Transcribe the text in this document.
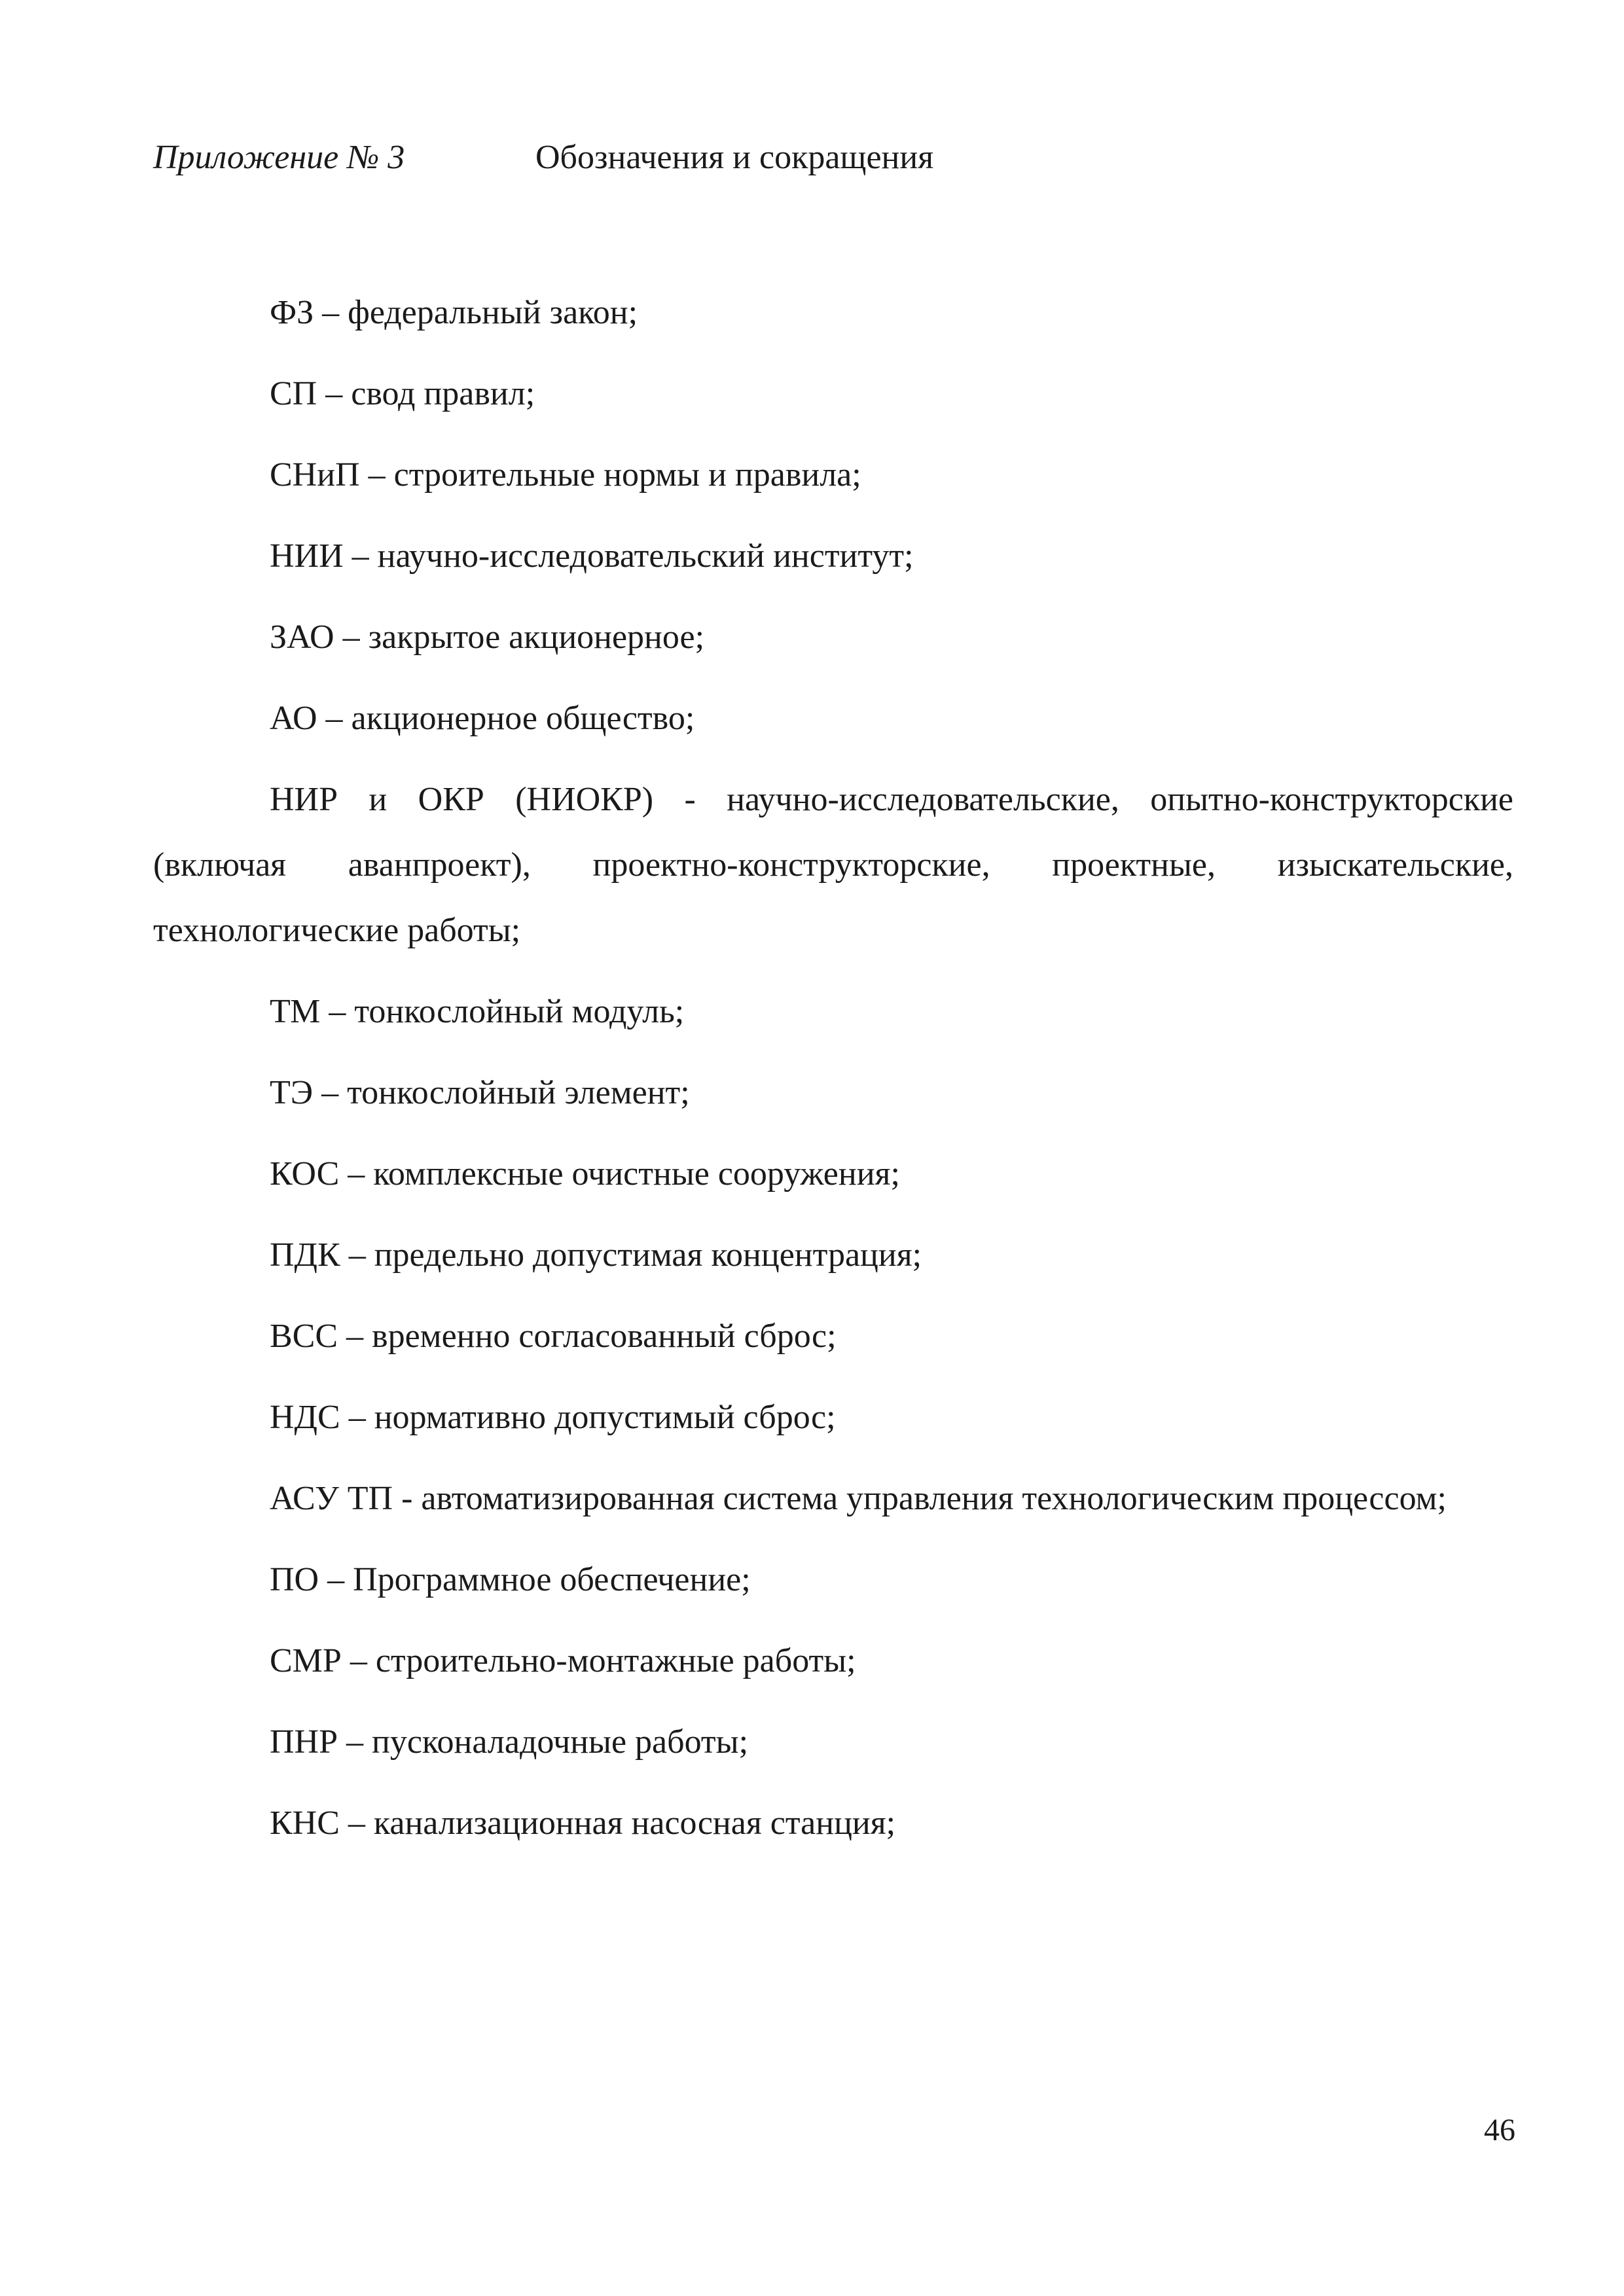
Приложение № 3	Обозначения и сокращения

ФЗ – федеральный закон;

СП – свод правил;

СНиП – строительные нормы и правила;

НИИ – научно-исследовательский институт;

ЗАО – закрытое акционерное;

АО – акционерное общество;

НИР и ОКР (НИОКР) - научно-исследовательские, опытно-конструкторские (включая аванпроект), проектно-конструкторские, проектные, изыскательские, технологические работы;

ТМ – тонкослойный модуль;

ТЭ – тонкослойный элемент;

КОС – комплексные очистные сооружения;

ПДК – предельно допустимая концентрация;

ВСС – временно согласованный сброс;

НДС – нормативно допустимый сброс;

АСУ ТП - автоматизированная система управления технологическим процессом;

ПО – Программное обеспечение;

СМР – строительно-монтажные работы;

ПНР – пусконаладочные работы;

КНС – канализационная насосная станция;

46
